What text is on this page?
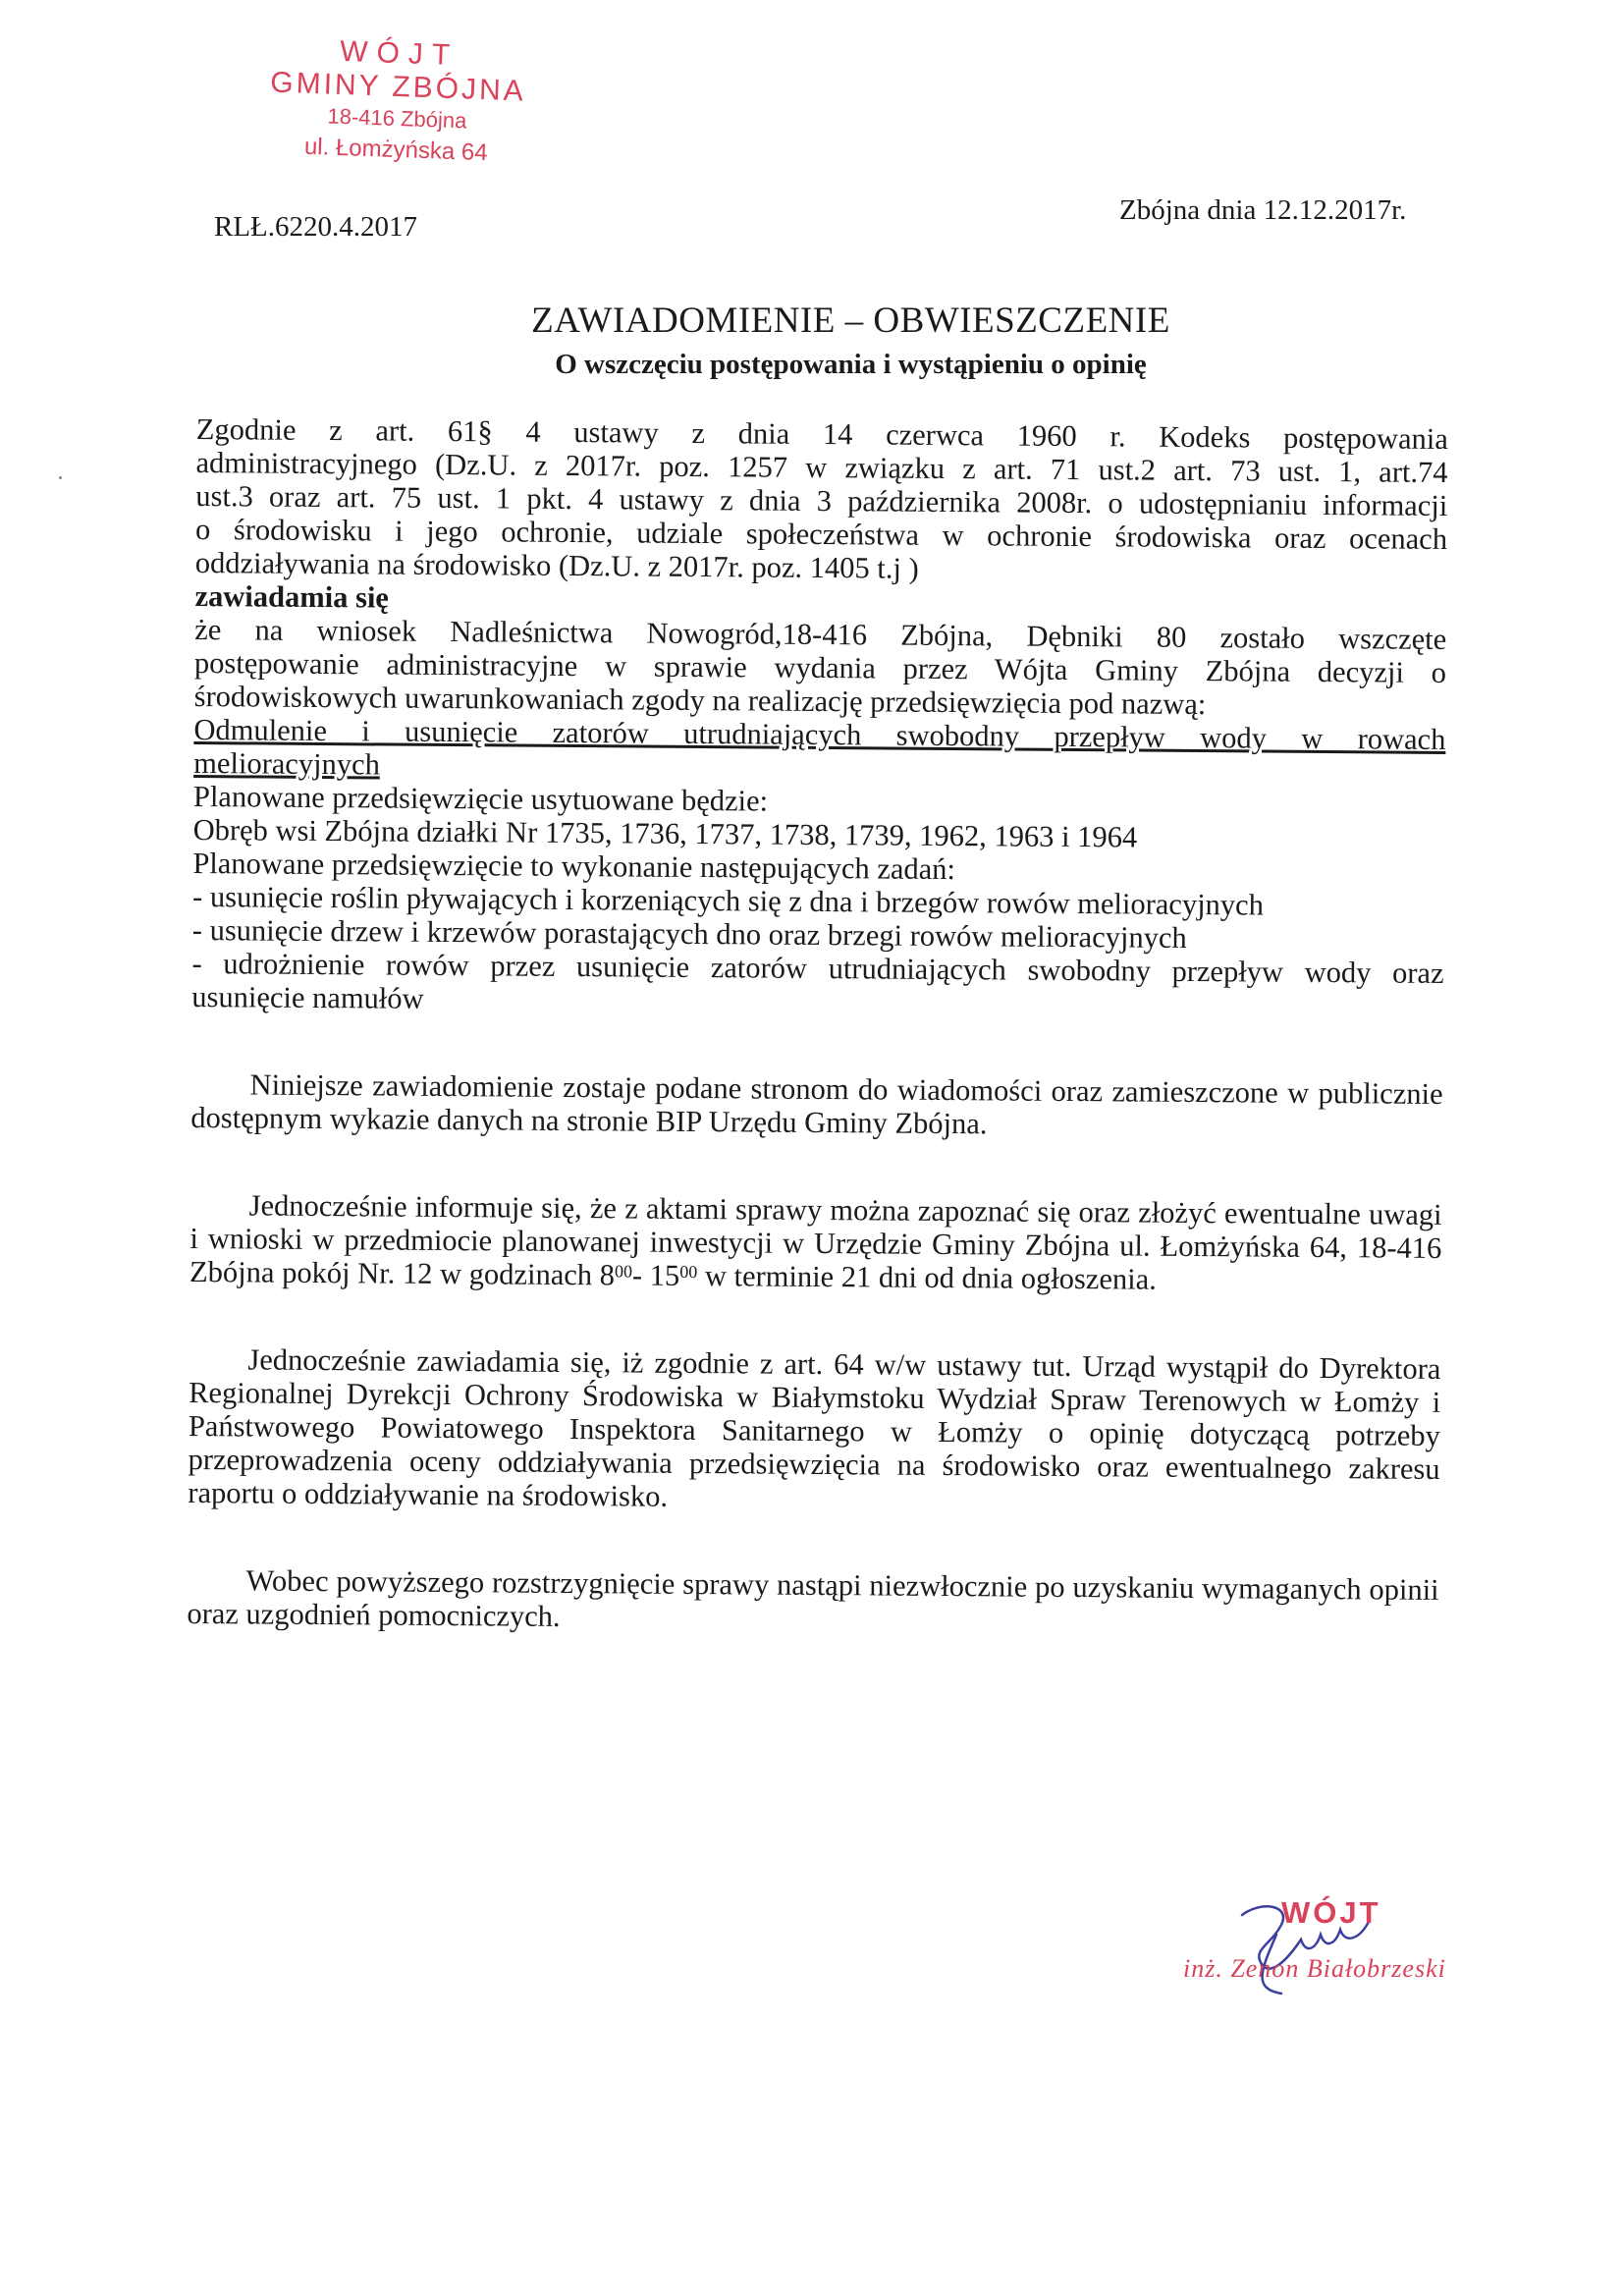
WÓJT
GMINY ZBÓJNA
18-416 Zbójna
ul. Łomżyńska 64
RLŁ.6220.4.2017
Zbójna dnia 12.12.2017r.
ZAWIADOMIENIE – OBWIESZCZENIE
O wszczęciu postępowania i wystąpieniu o opinię

Zgodnie z art. 61§ 4 ustawy z dnia 14 czerwca 1960 r. Kodeks postępowania

administracyjnego (Dz.U. z 2017r. poz. 1257 w związku z art. 71 ust.2 art. 73 ust. 1, art.74

ust.3 oraz art. 75 ust. 1 pkt. 4 ustawy z dnia 3 października 2008r. o udostępnianiu informacji

o środowisku i jego ochronie, udziale społeczeństwa w ochronie środowiska oraz ocenach

oddziaływania na środowisko (Dz.U. z 2017r. poz. 1405 t.j )

zawiadamia się

że na wniosek Nadleśnictwa Nowogród,18-416 Zbójna, Dębniki 80 zostało wszczęte

postępowanie administracyjne w sprawie wydania przez Wójta Gminy Zbójna decyzji o

środowiskowych uwarunkowaniach zgody na realizację przedsięwzięcia pod nazwą:

Odmulenie i usunięcie zatorów utrudniających swobodny przepływ wody w rowach

melioracyjnych

Planowane przedsięwzięcie usytuowane będzie:

Obręb wsi Zbójna działki Nr 1735, 1736, 1737, 1738, 1739, 1962, 1963 i 1964

Planowane przedsięwzięcie to wykonanie następujących zadań:

- usunięcie roślin pływających i korzeniących się z dna i brzegów rowów melioracyjnych

- usunięcie drzew i krzewów porastających dno oraz brzegi rowów melioracyjnych

- udrożnienie rowów przez usunięcie zatorów utrudniających swobodny przepływ wody oraz

usunięcie namułów

Niniejsze zawiadomienie zostaje podane stronom do wiadomości oraz zamieszczone w publicznie dostępnym wykazie danych na stronie BIP Urzędu Gminy Zbójna.

Jednocześnie informuje się, że z aktami sprawy można zapoznać się oraz złożyć ewentualne uwagi i wnioski w przedmiocie planowanej inwestycji w Urzędzie Gminy Zbójna ul. Łomżyńska 64, 18-416 Zbójna pokój Nr. 12 w godzinach $8^{00}-$ $15^{00}$ w terminie 21 dni od dnia ogłoszenia.

Jednocześnie zawiadamia się, iż zgodnie z art. 64 w/w ustawy tut. Urząd wystąpił do Dyrektora Regionalnej Dyrekcji Ochrony Środowiska w Białymstoku Wydział Spraw Terenowych w Łomży i Państwowego Powiatowego Inspektora Sanitarnego w Łomży o opinię dotyczącą potrzeby przeprowadzenia oceny oddziaływania przedsięwzięcia na środowisko oraz ewentualnego zakresu raportu o oddziaływanie na środowisko.

Wobec powyższego rozstrzygnięcie sprawy nastąpi niezwłocznie po uzyskaniu wymaganych opinii oraz uzgodnień pomocniczych.

WÓJT
inż. Zenon Białobrzeski
